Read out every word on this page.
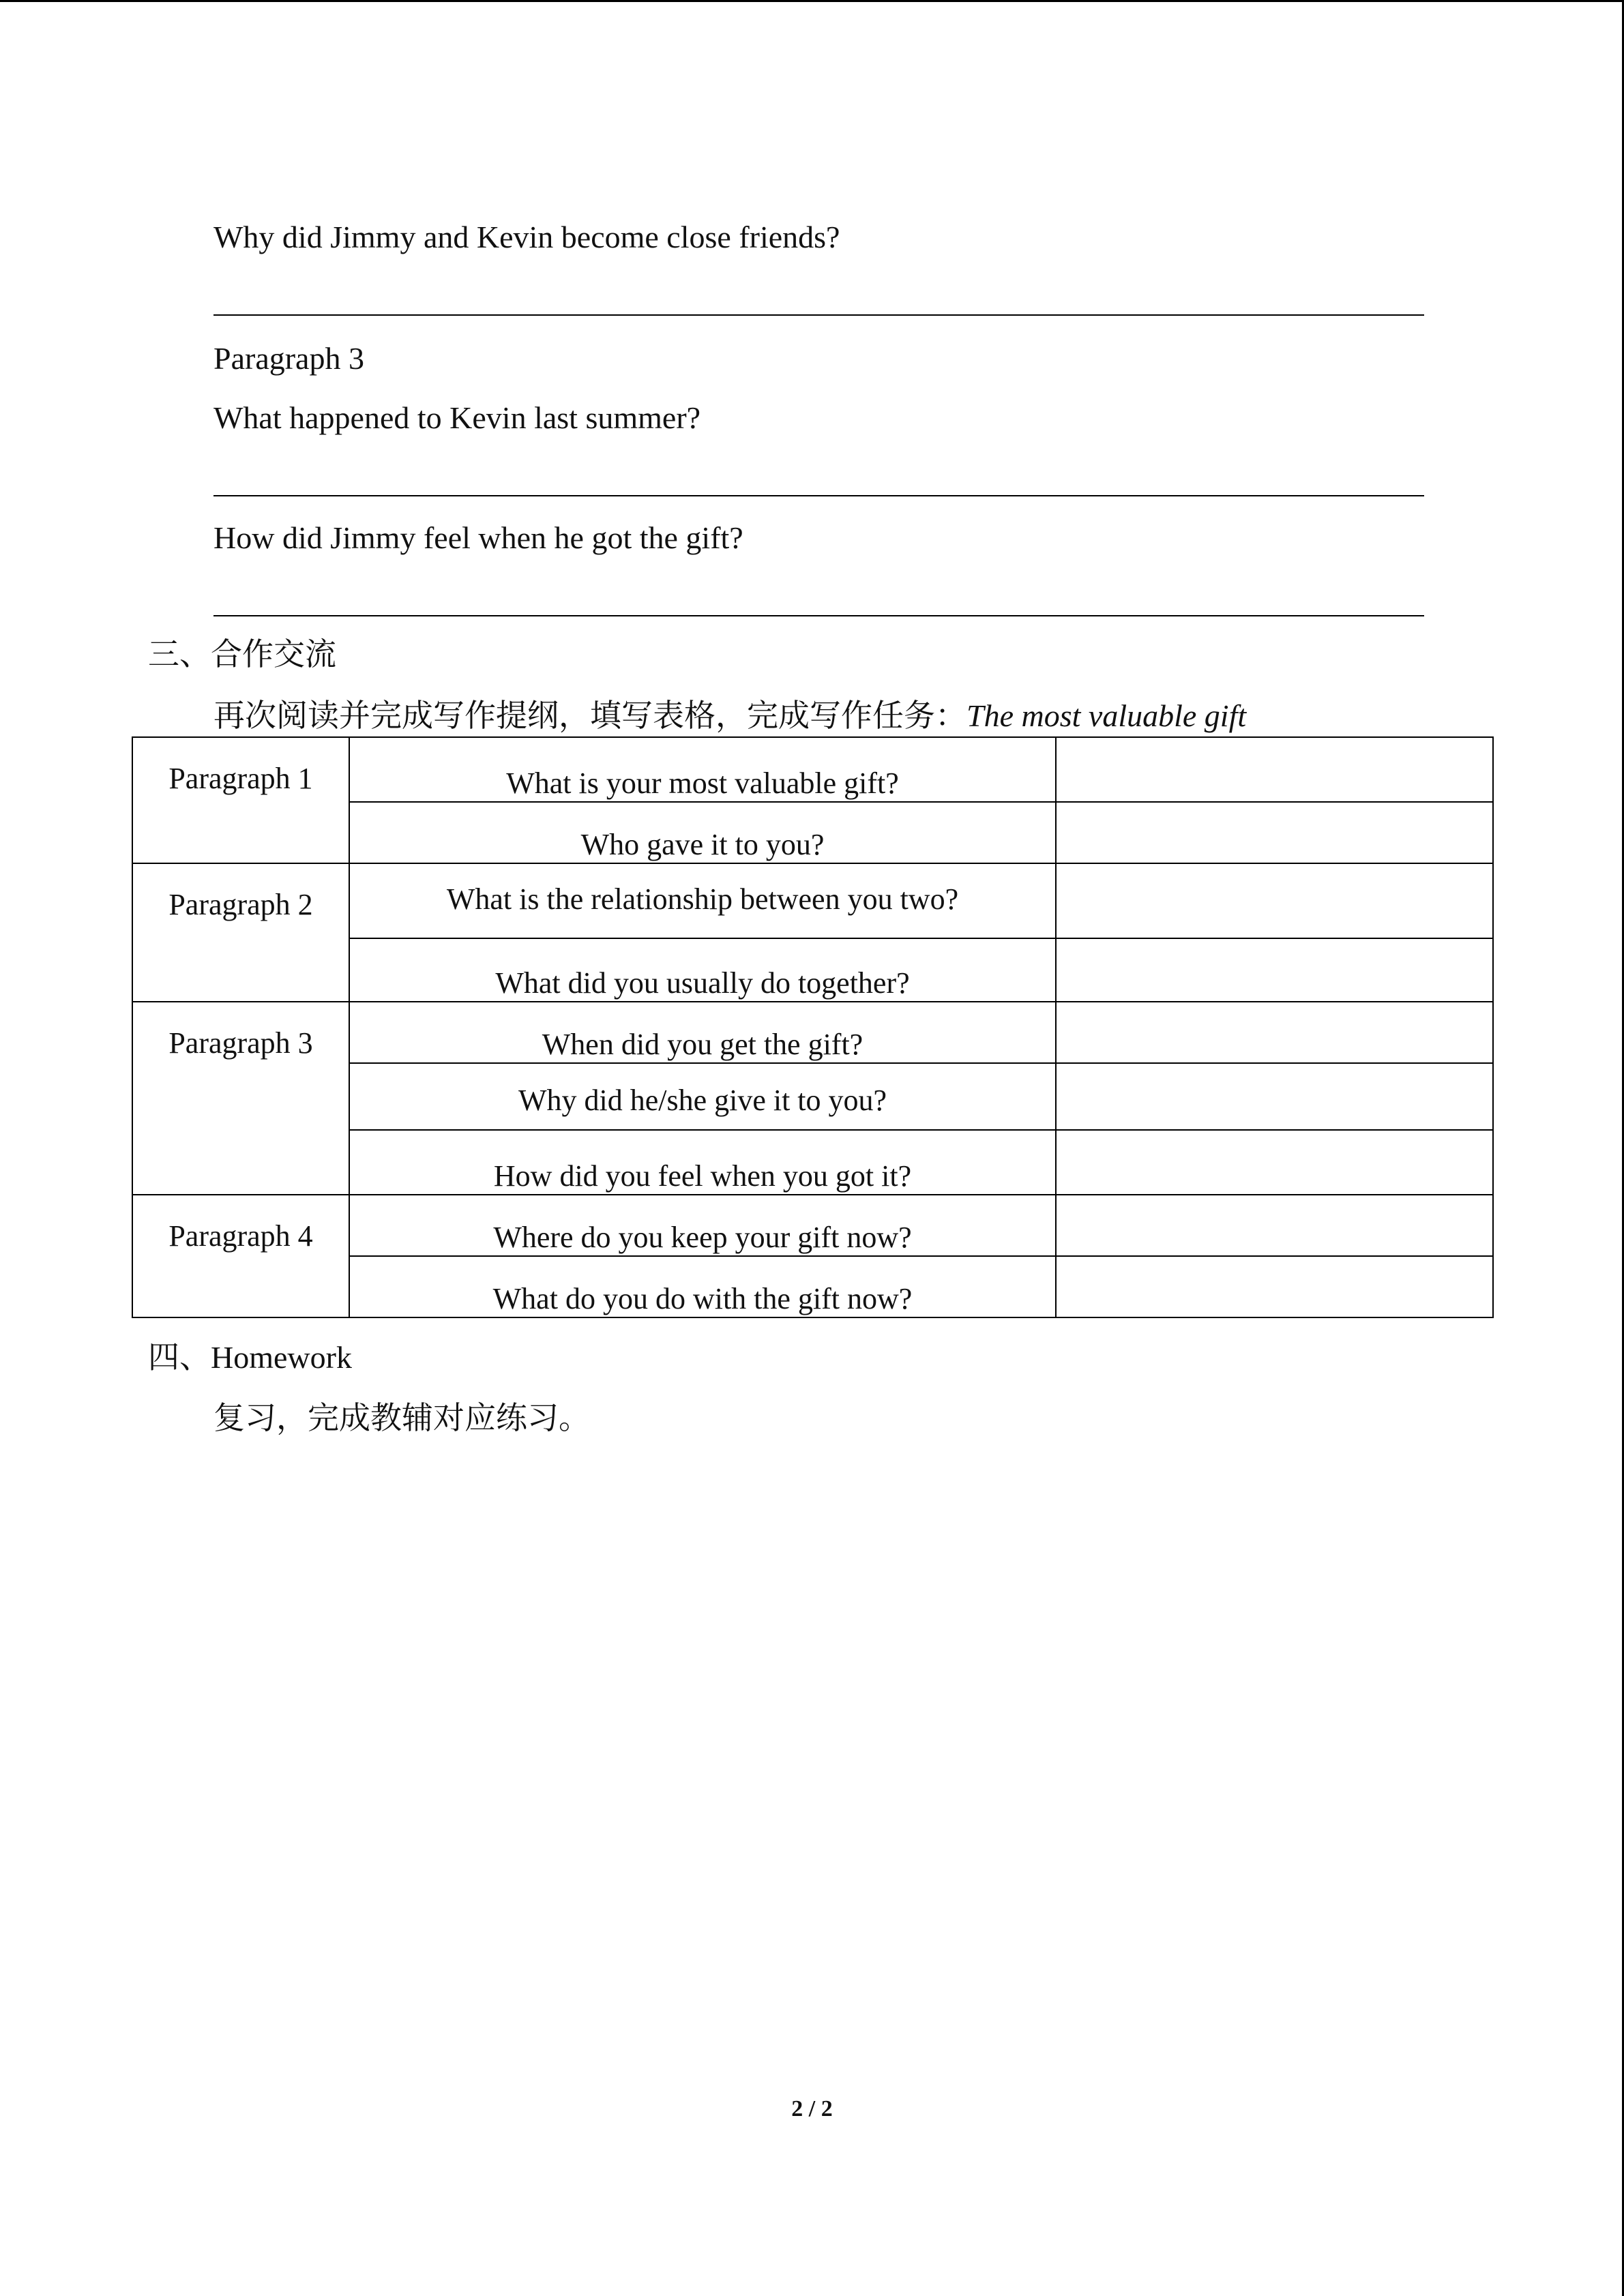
Why did Jimmy and Kevin become close friends?
Paragraph 3
What happened to Kevin last summer?
How did Jimmy feel when he got the gift?
三、合作交流
再次阅读并完成写作提纲，填写表格，完成写作任务：The most valuable gift
Paragraph 1	What is your most valuable gift?	
	Who gave it to you?	
Paragraph 2	What is the relationship between you two?	
	What did you usually do together?	
Paragraph 3	When did you get the gift?	
	Why did he/she give it to you?	
	How did you feel when you got it?	
Paragraph 4	Where do you keep your gift now?	
	What do you do with the gift now?	
四、Homework
复习，完成教辅对应练习。
2 / 2
